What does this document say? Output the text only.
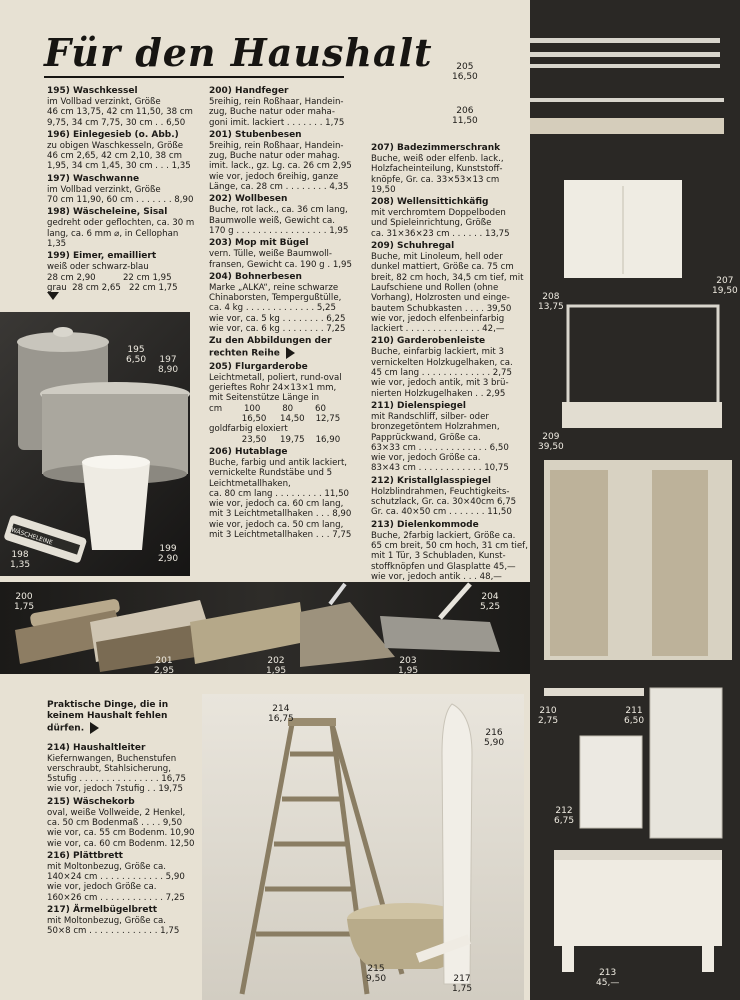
Für den Haushalt

195) Waschkessel
im Vollbad verzinkt, Größe
46 cm 13,75, 42 cm 11,50, 38 cm
9,75, 34 cm 7,75, 30 cm . . 6,50

196) Einlegesieb (o. Abb.)
zu obigen Waschkesseln, Größe
46 cm 2,65, 42 cm 2,10, 38 cm
1,95, 34 cm 1,45, 30 cm . . . 1,35

197) Waschwanne
im Vollbad verzinkt, Größe
70 cm 11,90, 60 cm . . . . . . . 8,90

198) Wäscheleine, Sisal
gedreht oder geflochten, ca. 30 m
lang, ca. 6 mm ⌀, in Cellophan
1,35

199) Eimer, emailliert
weiß oder schwarz-blau
28 cm 2,90          22 cm 1,95
grau  28 cm 2,65   22 cm 1,75

200) Handfeger
5reihig, rein Roßhaar, Handein-
zug, Buche natur oder maha-
goni imit. lackiert . . . . . . . 1,75

201) Stubenbesen
5reihig, rein Roßhaar, Handein-
zug, Buche natur oder mahag.
imit. lack., gz. Lg. ca. 26 cm 2,95
wie vor, jedoch 6reihig, ganze
Länge, ca. 28 cm . . . . . . . . 4,35

202) Wollbesen
Buche, rot lack., ca. 36 cm lang,
Baumwolle weiß, Gewicht ca.
170 g . . . . . . . . . . . . . . . . . 1,95

203) Mop mit Bügel
vern. Tülle, weiße Baumwoll-
fransen, Gewicht ca. 190 g . 1,95

204) Bohnerbesen
Marke „ALKA“, reine schwarze
Chinaborsten, Tempergußtülle,
ca. 4 kg . . . . . . . . . . . . . 5,25
wie vor, ca. 5 kg . . . . . . . . 6,25
wie vor, ca. 6 kg . . . . . . . . 7,25

Zu den Abbildungen der rechten Reihe

205) Flurgarderobe
Leichtmetall, poliert, rund-oval
gerieftes Rohr 24×13×1 mm,
mit Seitenstütze Länge in
cm        100        80        60
16,50     14,50    12,75
goldfarbig eloxiert
23,50     19,75    16,90

206) Hutablage
Buche, farbig und antik lackiert,
vernickelte Rundstäbe und 5
Leichtmetallhaken,
ca. 80 cm lang . . . . . . . . . 11,50
wie vor, jedoch ca. 60 cm lang,
mit 3 Leichtmetallhaken . . . 8,90
wie vor, jedoch ca. 50 cm lang,
mit 3 Leichtmetallhaken . . . 7,75

207) Badezimmerschrank
Buche, weiß oder elfenb. lack.,
Holzfacheinteilung, Kunststoff-
knöpfe, Gr. ca. 33×53×13 cm
19,50

208) Wellensittichkäfig
mit verchromtem Doppelboden
und Spieleinrichtung, Größe
ca. 31×36×23 cm . . . . . . 13,75

209) Schuhregal
Buche, mit Linoleum, hell oder
dunkel mattiert, Größe ca. 75 cm
breit, 82 cm hoch, 34,5 cm tief, mit
Laufschiene und Rollen (ohne
Vorhang), Holzrosten und einge-
bautem Schubkasten . . . . 39,50
wie vor, jedoch elfenbeinfarbig
lackiert . . . . . . . . . . . . . . 42,—

210) Garderobenleiste
Buche, einfarbig lackiert, mit 3
vernickelten Holzkugelhaken, ca.
45 cm lang . . . . . . . . . . . . . 2,75
wie vor, jedoch antik, mit 3 brü-
nierten Holzkugelhaken . . 2,95

211) Dielenspiegel
mit Randschliff, silber- oder
bronzegetöntem Holzrahmen,
Papprückwand, Größe ca.
63×33 cm . . . . . . . . . . . . . 6,50
wie vor, jedoch Größe ca.
83×43 cm . . . . . . . . . . . . 10,75

212) Kristallglasspiegel
Holzblindrahmen, Feuchtigkeits-
schutzlack, Gr. ca. 30×40cm 6,75
Gr. ca. 40×50 cm . . . . . . . 11,50

213) Dielenkommode
Buche, 2farbig lackiert, Größe ca.
65 cm breit, 50 cm hoch, 31 cm tief,
mit 1 Tür, 3 Schubladen, Kunst-
stoffknöpfen und Glasplatte 45,—
wie vor, jedoch antik . . . 48,—

Praktische Dinge, die in keinem Haushalt fehlen dürfen.

214) Haushaltleiter
Kiefernwangen, Buchenstufen
verschraubt, Stahlsicherung,
5stufig . . . . . . . . . . . . . . . 16,75
wie vor, jedoch 7stufig . . 19,75

215) Wäschekorb
oval, weiße Vollweide, 2 Henkel,
ca. 50 cm Bodenmaß . . . . 9,50
wie vor, ca. 55 cm Bodenm. 10,90
wie vor, ca. 60 cm Bodenm. 12,50

216) Plättbrett
mit Moltonbezug, Größe ca.
140×24 cm . . . . . . . . . . . . 5,90
wie vor, jedoch Größe ca.
160×26 cm . . . . . . . . . . . . 7,25

217) Ärmelbügelbrett
mit Moltonbezug, Größe ca.
50×8 cm . . . . . . . . . . . . . 1,75

WÄSCHELEINE
195
6,50 197
8,90
198
1,35
199
2,90
200
1,75
201
2,95
202
1,95
203
1,95
204
5,25
214
16,75
215
9,50
216
5,90
217
1,75
205
16,50
206
11,50
207
19,50
208
13,75
209
39,50
210
2,75
211
6,50
212
6,75
213
45,—
